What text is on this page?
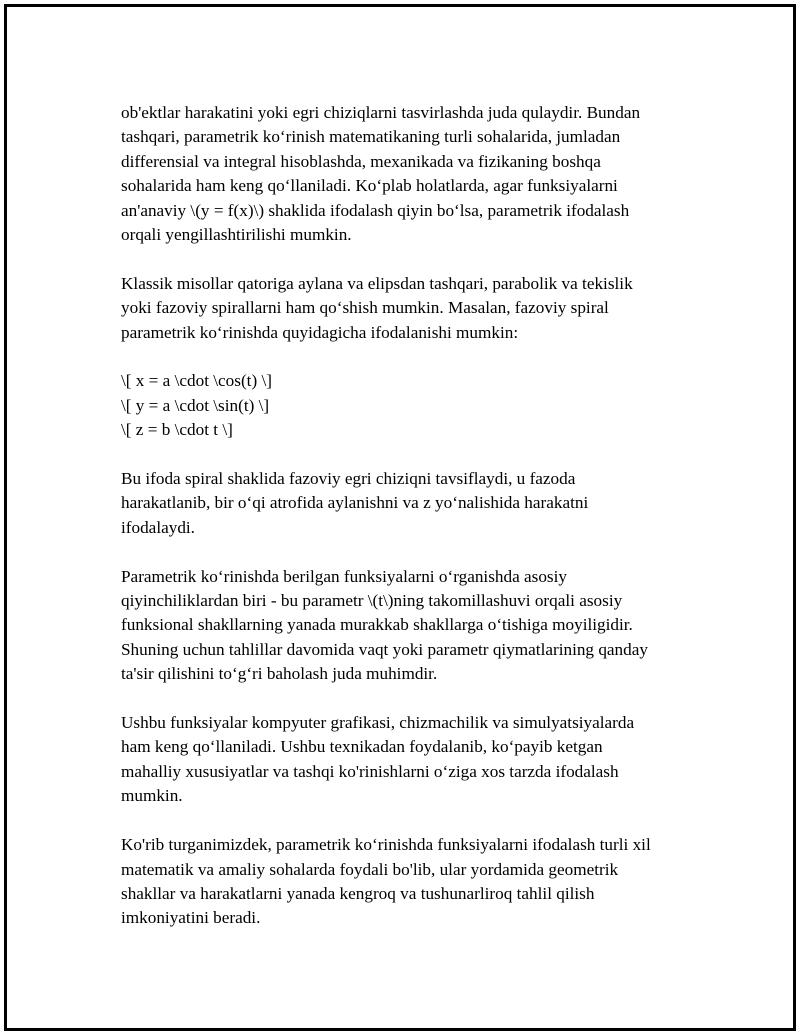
ob'ektlar harakatini yoki egri chiziqlarni tasvirlashda juda qulaydir. Bundan
tashqari, parametrik ko‘rinish matematikaning turli sohalarida, jumladan
differensial va integral hisoblashda, mexanikada va fizikaning boshqa
sohalarida ham keng qo‘llaniladi. Ko‘plab holatlarda, agar funksiyalarni
an'anaviy \(y = f(x)\) shaklida ifodalash qiyin bo‘lsa, parametrik ifodalash
orqali yengillashtirilishi mumkin.

Klassik misollar qatoriga aylana va elipsdan tashqari, parabolik va tekislik
yoki fazoviy spirallarni ham qo‘shish mumkin. Masalan, fazoviy spiral
parametrik ko‘rinishda quyidagicha ifodalanishi mumkin:

\[ x = a \cdot \cos(t) \]
\[ y = a \cdot \sin(t) \]
\[ z = b \cdot t \]

Bu ifoda spiral shaklida fazoviy egri chiziqni tavsiflaydi, u fazoda
harakatlanib, bir o‘qi atrofida aylanishni va z yo‘nalishida harakatni
ifodalaydi.

Parametrik ko‘rinishda berilgan funksiyalarni o‘rganishda asosiy
qiyinchiliklardan biri - bu parametr \(t\)ning takomillashuvi orqali asosiy
funksional shakllarning yanada murakkab shakllarga o‘tishiga moyiligidir.
Shuning uchun tahlillar davomida vaqt yoki parametr qiymatlarining qanday
ta'sir qilishini to‘g‘ri baholash juda muhimdir.

Ushbu funksiyalar kompyuter grafikasi, chizmachilik va simulyatsiyalarda
ham keng qo‘llaniladi. Ushbu texnikadan foydalanib, ko‘payib ketgan
mahalliy xususiyatlar va tashqi ko'rinishlarni o‘ziga xos tarzda ifodalash
mumkin.

Ko'rib turganimizdek, parametrik ko‘rinishda funksiyalarni ifodalash turli xil
matematik va amaliy sohalarda foydali bo'lib, ular yordamida geometrik
shakllar va harakatlarni yanada kengroq va tushunarliroq tahlil qilish
imkoniyatini beradi.
